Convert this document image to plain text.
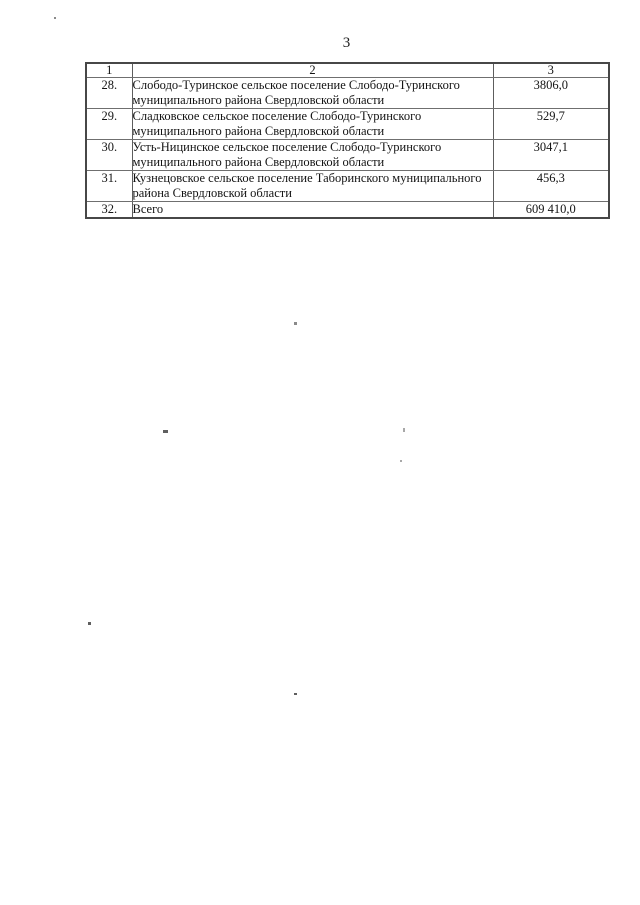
3
1	2	3
28.	Слободо-Туринское сельское поселение Слободо-Туринского муниципального района Свердловской области	3806,0
29.	Сладковское сельское поселение Слободо-Туринского муниципального района Свердловской области	529,7
30.	Усть-Ницинское сельское поселение Слободо-Туринского муниципального района Свердловской области	3047,1
31.	Кузнецовское сельское поселение Таборинского муниципального района Свердловской области	456,3
32.	Всего	609 410,0
